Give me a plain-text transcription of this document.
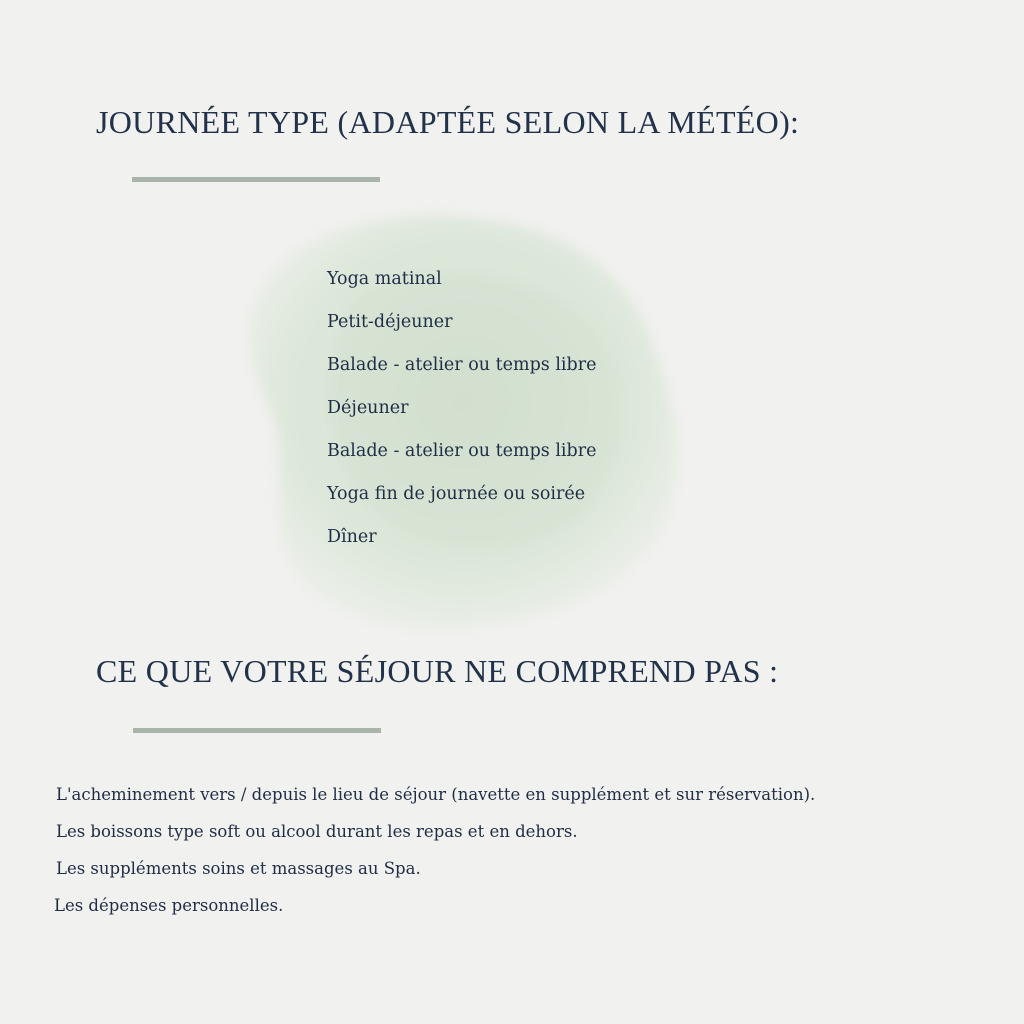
JOURNÉE TYPE (ADAPTÉE SELON LA MÉTÉO):
Yoga matinal
Petit-déjeuner
Balade - atelier ou temps libre
Déjeuner
Balade - atelier ou temps libre
Yoga fin de journée ou soirée
Dîner
CE QUE VOTRE SÉJOUR NE COMPREND PAS :
L'acheminement vers / depuis le lieu de séjour (navette en supplément et sur réservation).
Les boissons type soft ou alcool durant les repas et en dehors.
Les suppléments soins et massages au Spa.
Les dépenses personnelles.
